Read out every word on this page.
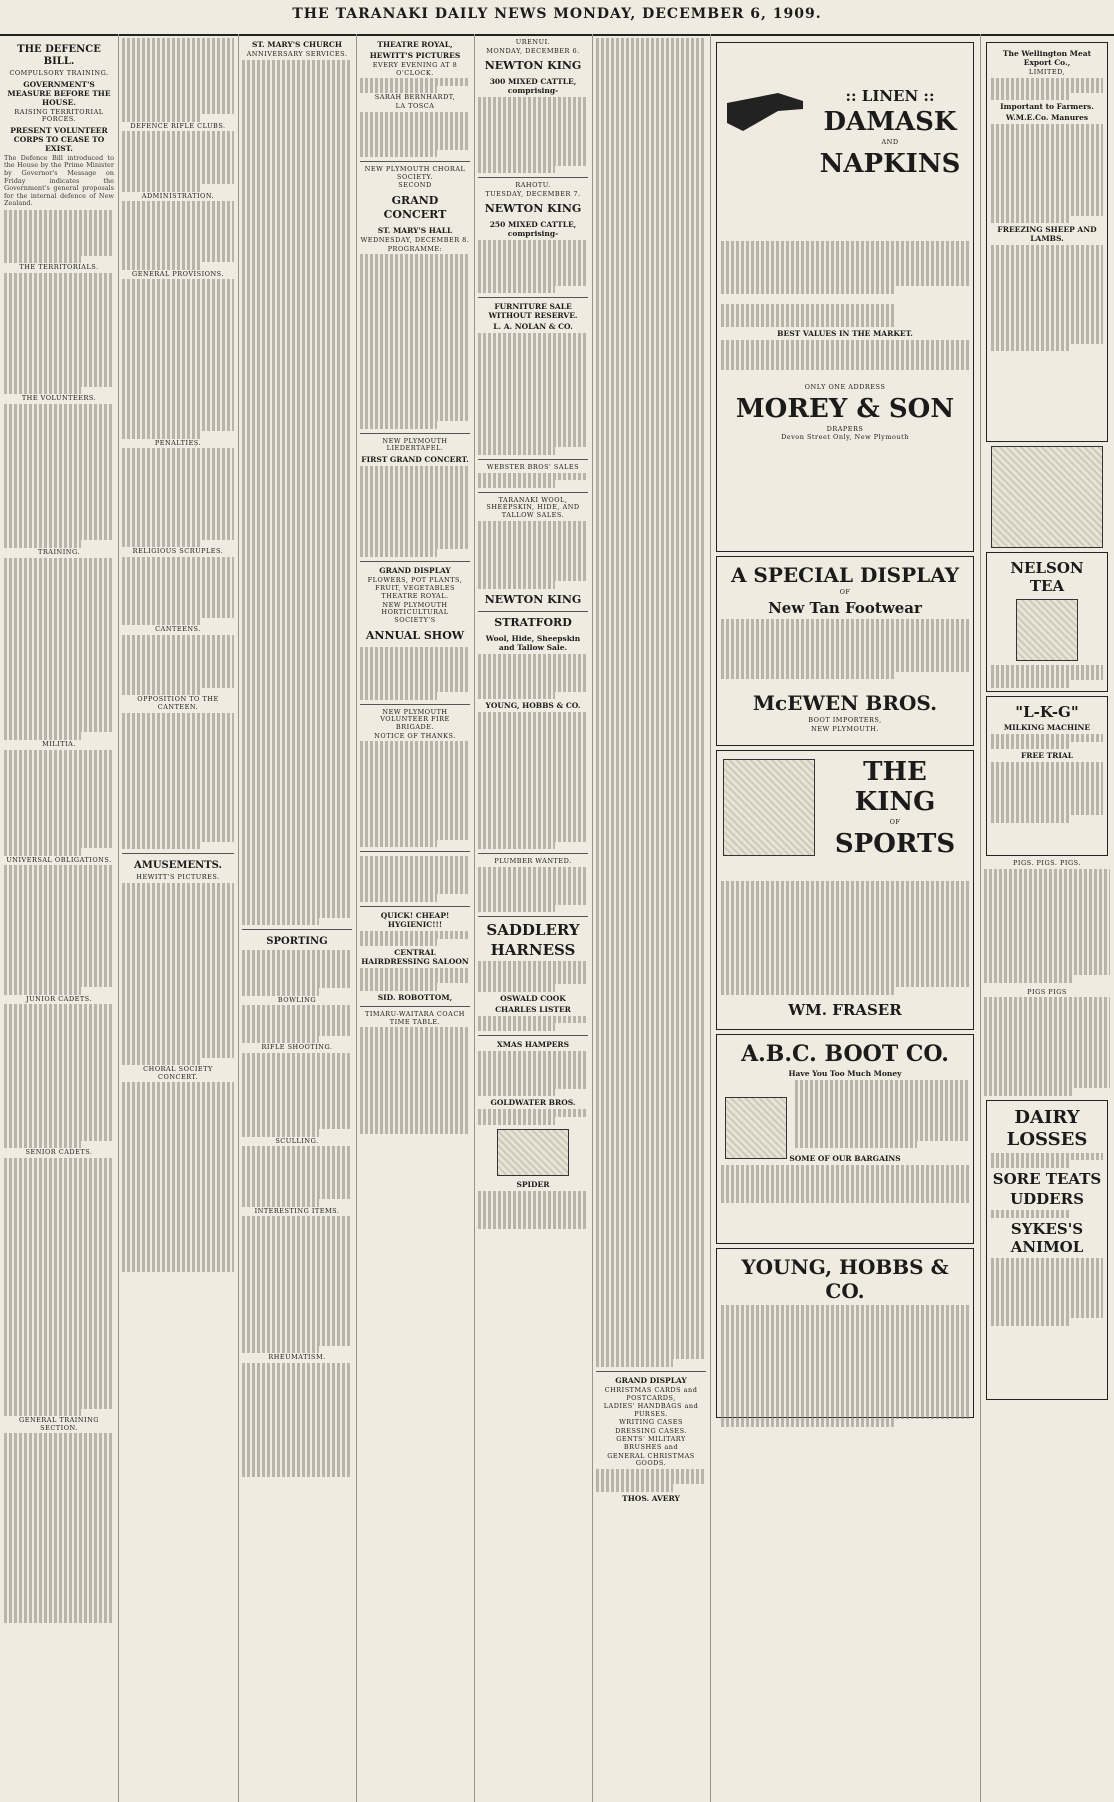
THE TARANAKI DAILY NEWS MONDAY, DECEMBER 6, 1909.
THE DEFENCE BILL.
COMPULSORY TRAINING.
GOVERNMENT'S MEASURE BEFORE THE HOUSE.
RAISING TERRITORIAL FORCES.
PRESENT VOLUNTEER CORPS TO CEASE TO EXIST.
The Defence Bill introduced to the House by the Prime Minister by Governor's Message on Friday indicates the Government's general proposals for the internal defence of New Zealand.
THE TERRITORIALS.
THE VOLUNTEERS.
TRAINING.
MILITIA.
UNIVERSAL OBLIGATIONS.
JUNIOR CADETS.
SENIOR CADETS.
GENERAL TRAINING SECTION.
DEFENCE RIFLE CLUBS.
ADMINISTRATION.
GENERAL PROVISIONS.
PENALTIES.
RELIGIOUS SCRUPLES.
CANTEENS.
OPPOSITION TO THE CANTEEN.
AMUSEMENTS.
HEWITT'S PICTURES.
CHORAL SOCIETY CONCERT.
ST. MARY'S CHURCH
ANNIVERSARY SERVICES.
SPORTING
BOWLING
RIFLE SHOOTING.
SCULLING.
INTERESTING ITEMS.
RHEUMATISM.
THEATRE ROYAL,
HEWITT'S PICTURES
EVERY EVENING AT 8 O'CLOCK.
SARAH BERNHARDT,
LA TOSCA
NEW PLYMOUTH CHORAL SOCIETY.
SECOND
GRAND CONCERT
ST. MARY'S HALL
WEDNESDAY, DECEMBER 8.
PROGRAMME:
NEW PLYMOUTH LIEDERTAFEL.
FIRST GRAND CONCERT.
GRAND DISPLAY
FLOWERS, POT PLANTS, FRUIT, VEGETABLES
THEATRE ROYAL.
NEW PLYMOUTH HORTICULTURAL SOCIETY'S
ANNUAL SHOW
NEW PLYMOUTH VOLUNTEER FIRE BRIGADE.
NOTICE OF THANKS.
QUICK! CHEAP! HYGIENIC!!!
CENTRAL HAIRDRESSING SALOON
SID. ROBOTTOM,
TIMARU-WAITARA COACH TIME TABLE.
URENUI.
MONDAY, DECEMBER 6.
NEWTON KING
300 MIXED CATTLE, comprising-
RAHOTU.
TUESDAY, DECEMBER 7.
NEWTON KING
250 MIXED CATTLE, comprising-
FURNITURE SALE WITHOUT RESERVE.
L. A. NOLAN & CO.
WEBSTER BROS' SALES
TARANAKI WOOL, SHEEPSKIN, HIDE, AND TALLOW SALES.
NEWTON KING
STRATFORD
Wool, Hide, Sheepskin and Tallow Sale.
YOUNG, HOBBS & CO.
PLUMBER WANTED.
SADDLERY
HARNESS
OSWALD COOK
CHARLES LISTER
XMAS HAMPERS
GOLDWATER BROS.
SPIDER
GRAND DISPLAY
CHRISTMAS CARDS and POSTCARDS,
LADIES' HANDBAGS and PURSES.
WRITING CASES
DRESSING CASES.
GENTS' MILITARY BRUSHES and
GENERAL CHRISTMAS GOODS.
THOS. AVERY
:: LINEN ::
DAMASK
AND
NAPKINS
BEST VALUES IN THE MARKET.
ONLY ONE ADDRESS
MOREY & SON
DRAPERS
Devon Street Only, New Plymouth
A SPECIAL DISPLAY
OF
New Tan Footwear
McEWEN BROS.
BOOT IMPORTERS,
NEW PLYMOUTH.
THE KING
OF
SPORTS
WM. FRASER
A.B.C. BOOT CO.
Have You Too Much Money
SOME OF OUR BARGAINS
YOUNG, HOBBS & CO.
The Wellington Meat Export Co.,
LIMITED,
Important to Farmers.
W.M.E.Co. Manures
FREEZING SHEEP AND LAMBS.
NELSON TEA
"L-K-G"
MILKING MACHINE
FREE TRIAL
PIGS. PIGS. PIGS.
PIGS PIGS
DAIRY LOSSES
SORE TEATS
UDDERS
SYKES'S ANIMOL
